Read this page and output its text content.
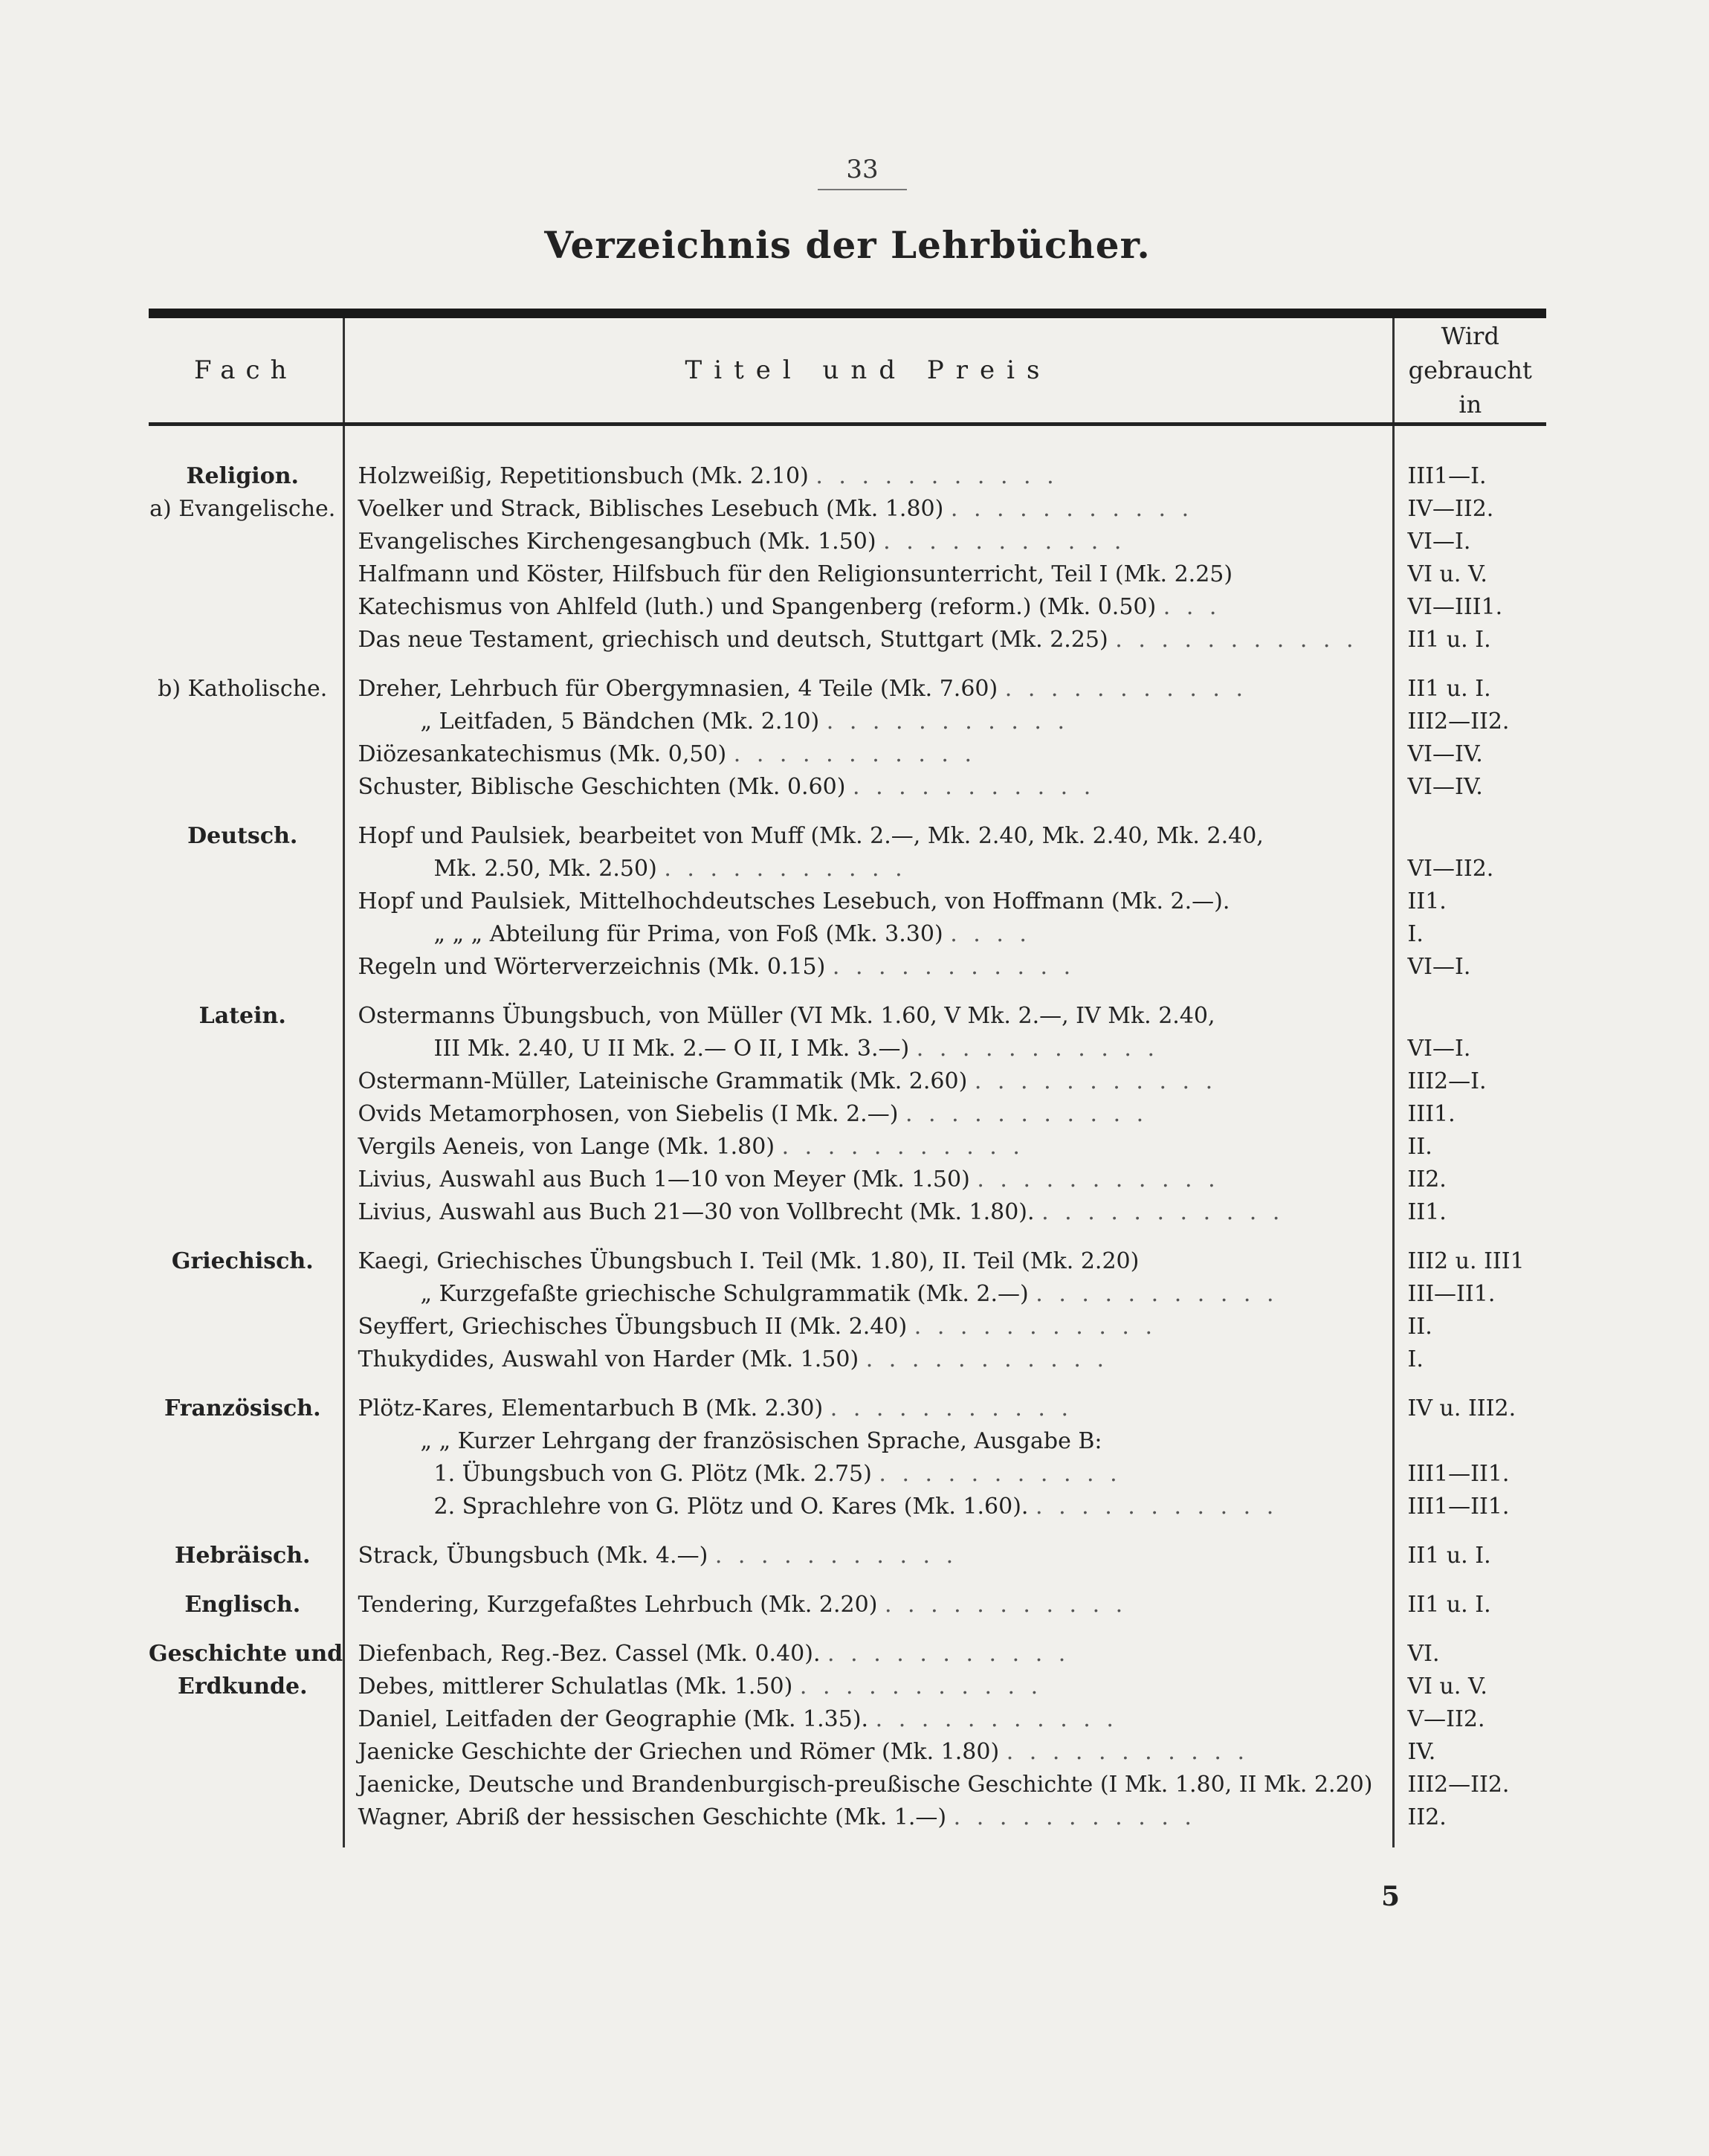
33
Verzeichnis der Lehrbücher.
Fach	Titel und Preis	Wird
gebraucht in
Religion.	Holzweißig, Repetitionsbuch (Mk. 2.10) . . . . . . . . . . .	III1—I.
a) Evangelische.	Voelker und Strack, Biblisches Lesebuch (Mk. 1.80) . . . . . . . . . . .	IV—II2.
	Evangelisches Kirchengesangbuch (Mk. 1.50) . . . . . . . . . . .	VI—I.
	Halfmann und Köster, Hilfsbuch für den Religionsunterricht, Teil I (Mk. 2.25)	VI u. V.
	Katechismus von Ahlfeld (luth.) und Spangenberg (reform.) (Mk. 0.50) . . .	VI—III1.
	Das neue Testament, griechisch und deutsch, Stuttgart (Mk. 2.25) . . . . . . . . . . .	II1 u. I.

b) Katholische.	Dreher, Lehrbuch für Obergymnasien, 4 Teile (Mk. 7.60) . . . . . . . . . . .	II1 u. I.
	„ Leitfaden, 5 Bändchen (Mk. 2.10) . . . . . . . . . . .	III2—II2.
	Diözesankatechismus (Mk. 0,50) . . . . . . . . . . .	VI—IV.
	Schuster, Biblische Geschichten (Mk. 0.60) . . . . . . . . . . .	VI—IV.

Deutsch.	Hopf und Paulsiek, bearbeitet von Muff (Mk. 2.—, Mk. 2.40, Mk. 2.40, Mk. 2.40,	
	Mk. 2.50, Mk. 2.50) . . . . . . . . . . .	VI—II2.
	Hopf und Paulsiek, Mittelhochdeutsches Lesebuch, von Hoffmann (Mk. 2.—).	II1.
	„ „ „ Abteilung für Prima, von Foß (Mk. 3.30) . . . .	I.
	Regeln und Wörterverzeichnis (Mk. 0.15) . . . . . . . . . . .	VI—I.

Latein.	Ostermanns Übungsbuch, von Müller (VI Mk. 1.60, V Mk. 2.—, IV Mk. 2.40,	
	III Mk. 2.40, U II Mk. 2.— O II, I Mk. 3.—) . . . . . . . . . . .	VI—I.
	Ostermann-Müller, Lateinische Grammatik (Mk. 2.60) . . . . . . . . . . .	III2—I.
	Ovids Metamorphosen, von Siebelis (I Mk. 2.—) . . . . . . . . . . .	III1.
	Vergils Aeneis, von Lange (Mk. 1.80) . . . . . . . . . . .	II.
	Livius, Auswahl aus Buch 1—10 von Meyer (Mk. 1.50) . . . . . . . . . . .	II2.
	Livius, Auswahl aus Buch 21—30 von Vollbrecht (Mk. 1.80). . . . . . . . . . . .	II1.

Griechisch.	Kaegi, Griechisches Übungsbuch I. Teil (Mk. 1.80), II. Teil (Mk. 2.20)	III2 u. III1
	„ Kurzgefaßte griechische Schulgrammatik (Mk. 2.—) . . . . . . . . . . .	III—II1.
	Seyffert, Griechisches Übungsbuch II (Mk. 2.40) . . . . . . . . . . .	II.
	Thukydides, Auswahl von Harder (Mk. 1.50) . . . . . . . . . . .	I.

Französisch.	Plötz-Kares, Elementarbuch B (Mk. 2.30) . . . . . . . . . . .	IV u. III2.
	„ „ Kurzer Lehrgang der französischen Sprache, Ausgabe B:	
	1. Übungsbuch von G. Plötz (Mk. 2.75) . . . . . . . . . . .	III1—II1.
	2. Sprachlehre von G. Plötz und O. Kares (Mk. 1.60). . . . . . . . . . . .	III1—II1.

Hebräisch.	Strack, Übungsbuch (Mk. 4.—) . . . . . . . . . . .	II1 u. I.

Englisch.	Tendering, Kurzgefaßtes Lehrbuch (Mk. 2.20) . . . . . . . . . . .	II1 u. I.

Geschichte und	Diefenbach, Reg.-Bez. Cassel (Mk. 0.40). . . . . . . . . . . .	VI.
Erdkunde.	Debes, mittlerer Schulatlas (Mk. 1.50) . . . . . . . . . . .	VI u. V.
	Daniel, Leitfaden der Geographie (Mk. 1.35). . . . . . . . . . . .	V—II2.
	Jaenicke Geschichte der Griechen und Römer (Mk. 1.80) . . . . . . . . . . .	IV.
	Jaenicke, Deutsche und Brandenburgisch-preußische Geschichte (I Mk. 1.80, II Mk. 2.20)	III2—II2.
	Wagner, Abriß der hessischen Geschichte (Mk. 1.—) . . . . . . . . . . .	II2.
5
